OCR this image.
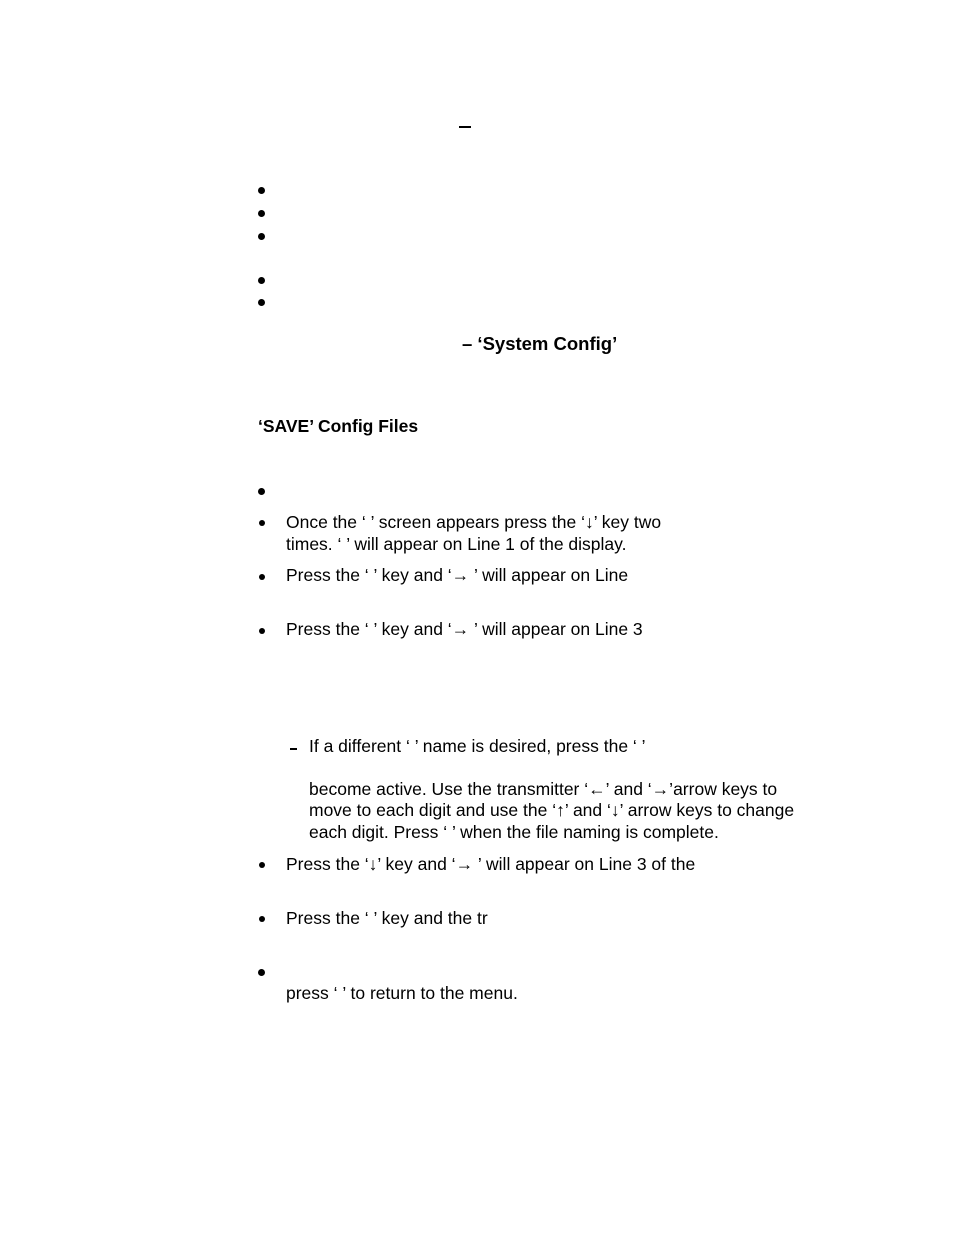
– ‘System Config’
‘SAVE’ Config Files
Once the ‘ ’ screen appears press the ‘↓’ key two
times. ‘ ’ will appear on Line 1 of the display.
Press the ‘ ’ key and ‘→ ’ will appear on Line
Press the ‘ ’ key and ‘→ ’ will appear on Line 3
If a different ‘ ’ name is desired, press the ‘ ’
become active. Use the transmitter ‘←’ and ‘→’arrow keys to
move to each digit and use the ‘↑’ and ‘↓’ arrow keys to change
each digit. Press ‘ ’ when the file naming is complete.
Press the ‘↓’ key and ‘→ ’ will appear on Line 3 of the
Press the ‘ ’ key and the tr
press ‘ ’ to return to the menu.
